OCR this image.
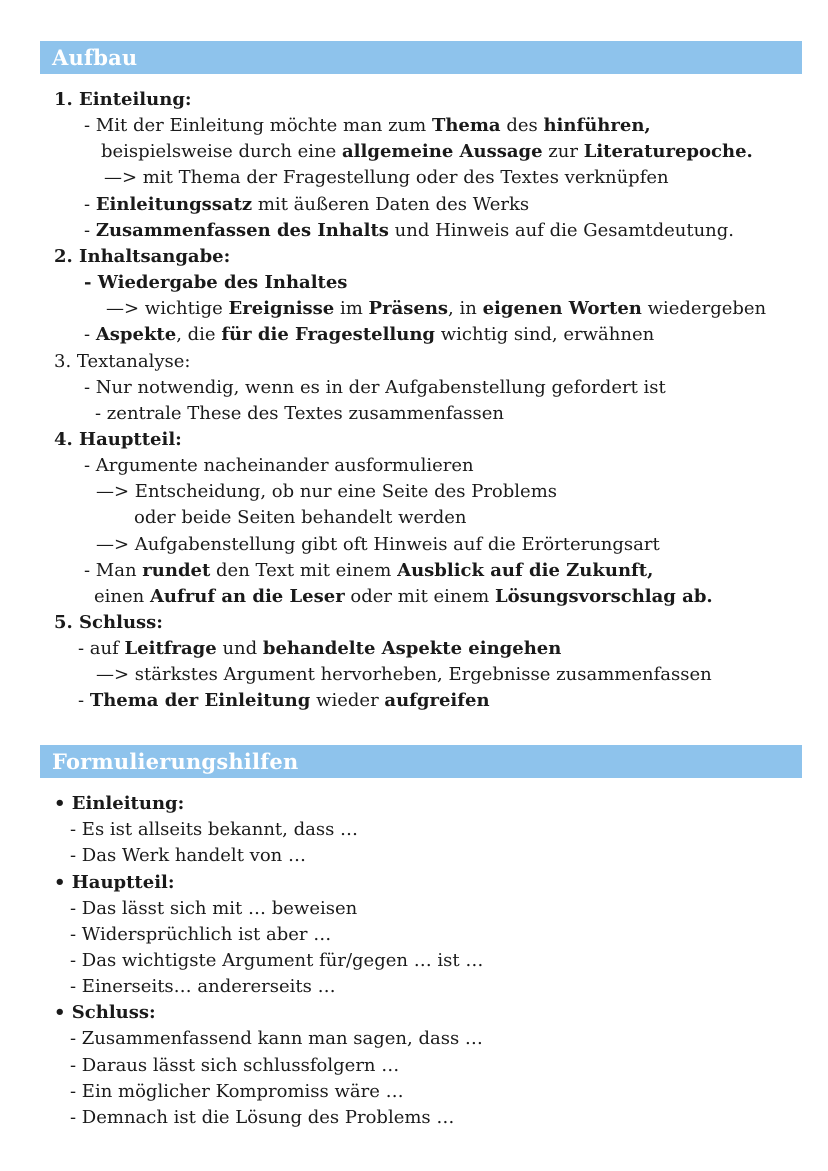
Aufbau
1. Einteilung:
- Mit der Einleitung möchte man zum Thema des hinführen,
beispielsweise durch eine allgemeine Aussage zur Literaturepoche.
—> mit Thema der Fragestellung oder des Textes verknüpfen
- Einleitungssatz mit äußeren Daten des Werks
- Zusammenfassen des Inhalts und Hinweis auf die Gesamtdeutung.
2. Inhaltsangabe:
- Wiedergabe des Inhaltes
—> wichtige Ereignisse im Präsens, in eigenen Worten wiedergeben
- Aspekte, die für die Fragestellung wichtig sind, erwähnen
3. Textanalyse:
- Nur notwendig, wenn es in der Aufgabenstellung gefordert ist
- zentrale These des Textes zusammenfassen
4. Hauptteil:
- Argumente nacheinander ausformulieren
—> Entscheidung, ob nur eine Seite des Problems
oder beide Seiten behandelt werden
—> Aufgabenstellung gibt oft Hinweis auf die Erörterungsart
- Man rundet den Text mit einem Ausblick auf die Zukunft,
einen Aufruf an die Leser oder mit einem Lösungsvorschlag ab.
5. Schluss:
- auf Leitfrage und behandelte Aspekte eingehen
—> stärkstes Argument hervorheben, Ergebnisse zusammenfassen
- Thema der Einleitung wieder aufgreifen
Formulierungshilfen
• Einleitung:
- Es ist allseits bekannt, dass …
- Das Werk handelt von …
• Hauptteil:
- Das lässt sich mit … beweisen
- Widersprüchlich ist aber …
- Das wichtigste Argument für/gegen … ist …
- Einerseits… andererseits …
• Schluss:
- Zusammenfassend kann man sagen, dass …
- Daraus lässt sich schlussfolgern …
- Ein möglicher Kompromiss wäre …
- Demnach ist die Lösung des Problems …
